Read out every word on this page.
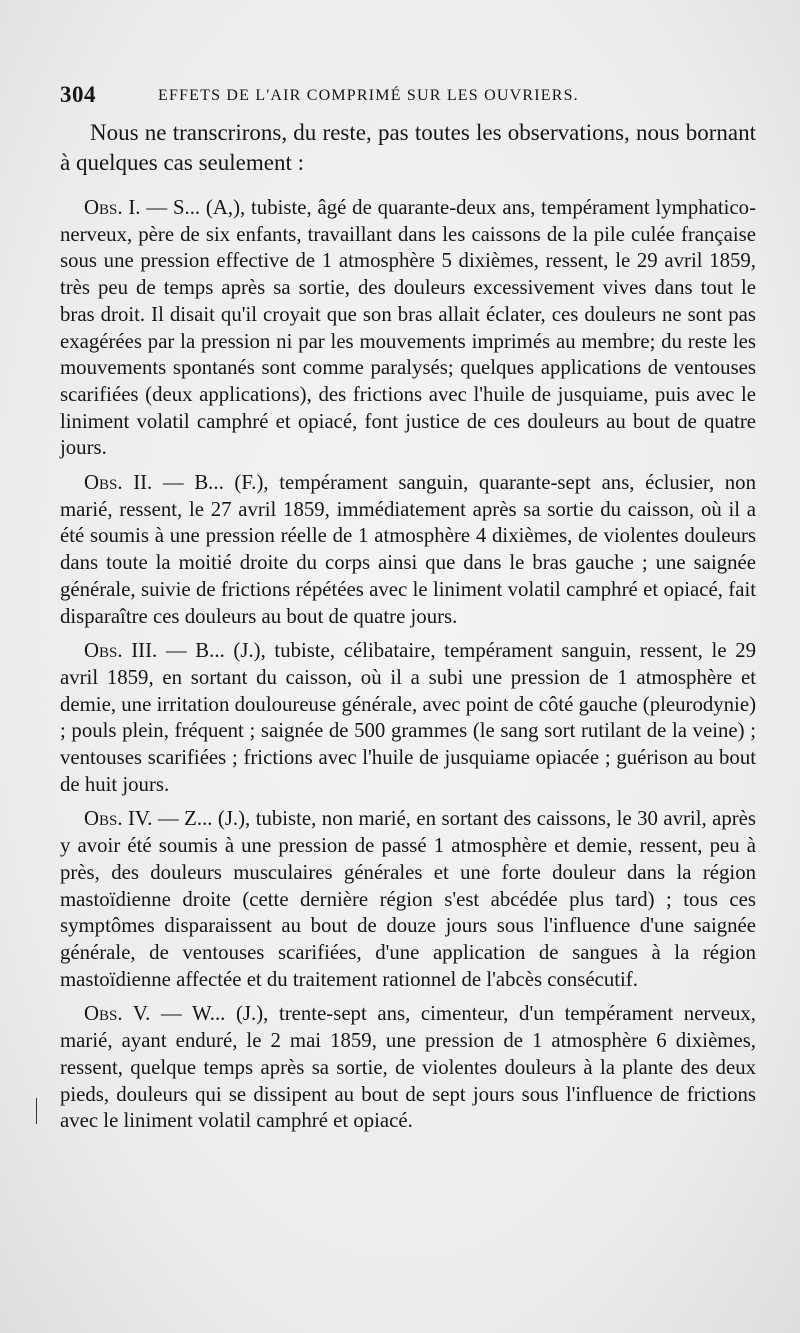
304	EFFETS DE L'AIR COMPRIMÉ SUR LES OUVRIERS.

Nous ne transcrirons, du reste, pas toutes les observations, nous bornant à quelques cas seulement :

Obs. I. — S... (A,), tubiste, âgé de quarante-deux ans, tempérament lymphatico-nerveux, père de six enfants, travaillant dans les caissons de la pile culée française sous une pression effective de 1 atmosphère 5 dixièmes, ressent, le 29 avril 1859, très peu de temps après sa sortie, des douleurs excessivement vives dans tout le bras droit. Il disait qu'il croyait que son bras allait éclater, ces douleurs ne sont pas exagérées par la pression ni par les mouvements imprimés au membre; du reste les mouvements spontanés sont comme paralysés; quelques applications de ventouses scarifiées (deux applications), des frictions avec l'huile de jusquiame, puis avec le liniment volatil camphré et opiacé, font justice de ces douleurs au bout de quatre jours.

Obs. II. — B... (F.), tempérament sanguin, quarante-sept ans, éclusier, non marié, ressent, le 27 avril 1859, immédiatement après sa sortie du caisson, où il a été soumis à une pression réelle de 1 atmosphère 4 dixièmes, de violentes douleurs dans toute la moitié droite du corps ainsi que dans le bras gauche ; une saignée générale, suivie de frictions répétées avec le liniment volatil camphré et opiacé, fait disparaître ces douleurs au bout de quatre jours.

Obs. III. — B... (J.), tubiste, célibataire, tempérament sanguin, ressent, le 29 avril 1859, en sortant du caisson, où il a subi une pression de 1 atmosphère et demie, une irritation douloureuse générale, avec point de côté gauche (pleurodynie) ; pouls plein, fréquent ; saignée de 500 grammes (le sang sort rutilant de la veine) ; ventouses scarifiées ; frictions avec l'huile de jusquiame opiacée ; guérison au bout de huit jours.

Obs. IV. — Z... (J.), tubiste, non marié, en sortant des caissons, le 30 avril, après y avoir été soumis à une pression de passé 1 atmosphère et demie, ressent, peu à près, des douleurs musculaires générales et une forte douleur dans la région mastoïdienne droite (cette dernière région s'est abcédée plus tard) ; tous ces symptômes disparaissent au bout de douze jours sous l'influence d'une saignée générale, de ventouses scarifiées, d'une application de sangues à la région mastoïdienne affectée et du traitement rationnel de l'abcès consécutif.

Obs. V. — W... (J.), trente-sept ans, cimenteur, d'un tempérament nerveux, marié, ayant enduré, le 2 mai 1859, une pression de 1 atmosphère 6 dixièmes, ressent, quelque temps après sa sortie, de violentes douleurs à la plante des deux pieds, douleurs qui se dissipent au bout de sept jours sous l'influence de frictions avec le liniment volatil camphré et opiacé.
